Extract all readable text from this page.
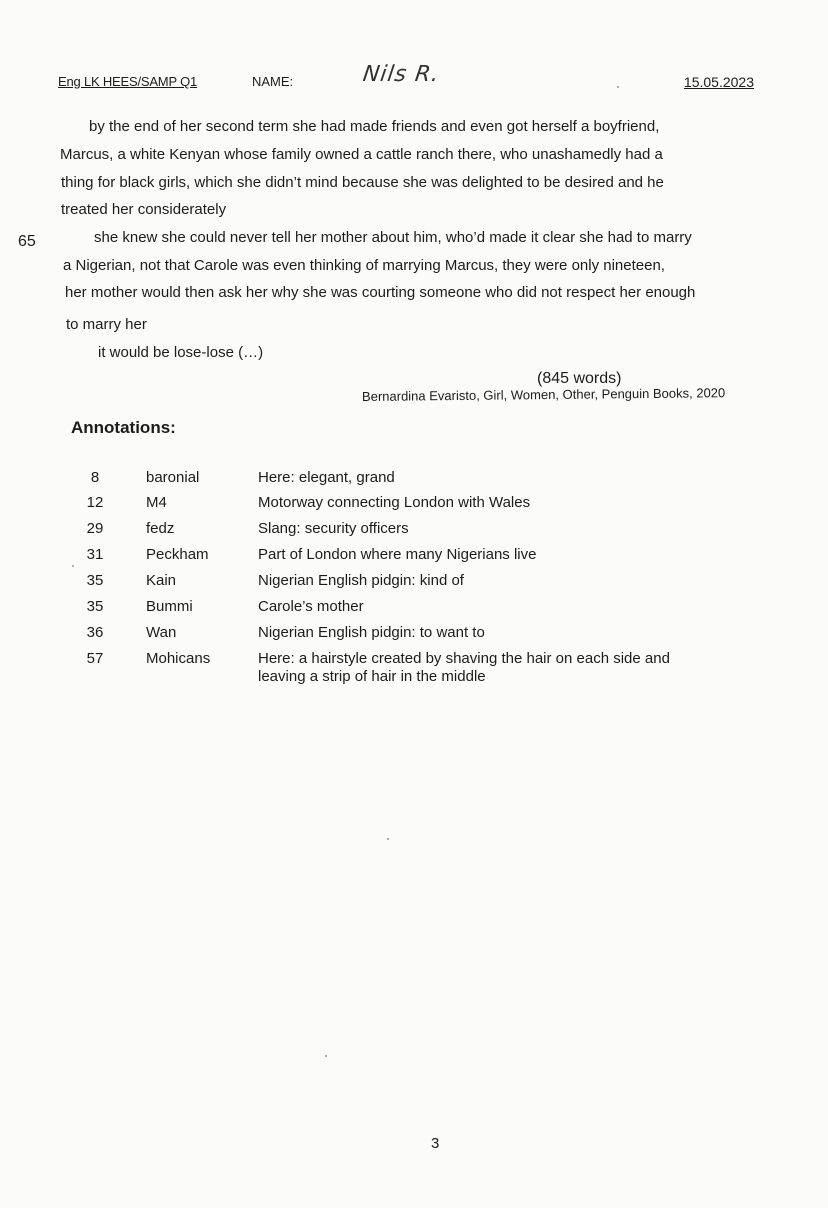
Eng LK HEES/SAMP Q1	NAME:	Nils R.	15.05.2023
65
by the end of her second term she had made friends and even got herself a boyfriend,
Marcus, a white Kenyan whose family owned a cattle ranch there, who unashamedly had a
thing for black girls, which she didn’t mind because she was delighted to be desired and he
treated her considerately
she knew she could never tell her mother about him, who’d made it clear she had to marry
a Nigerian, not that Carole was even thinking of marrying Marcus, they were only nineteen,
her mother would then ask her why she was courting someone who did not respect her enough
to marry her
it would be lose-lose (…)
(845 words)
Bernardina Evaristo, Girl, Women, Other, Penguin Books, 2020
Annotations:
8	baronial	Here: elegant, grand
12	M4	Motorway connecting London with Wales
29	fedz	Slang: security officers
31	Peckham	Part of London where many Nigerians live
35	Kain	Nigerian English pidgin: kind of
35	Bummi	Carole’s mother
36	Wan	Nigerian English pidgin: to want to
57	Mohicans	Here: a hairstyle created by shaving the hair on each side and leaving a strip of hair in the middle
3
